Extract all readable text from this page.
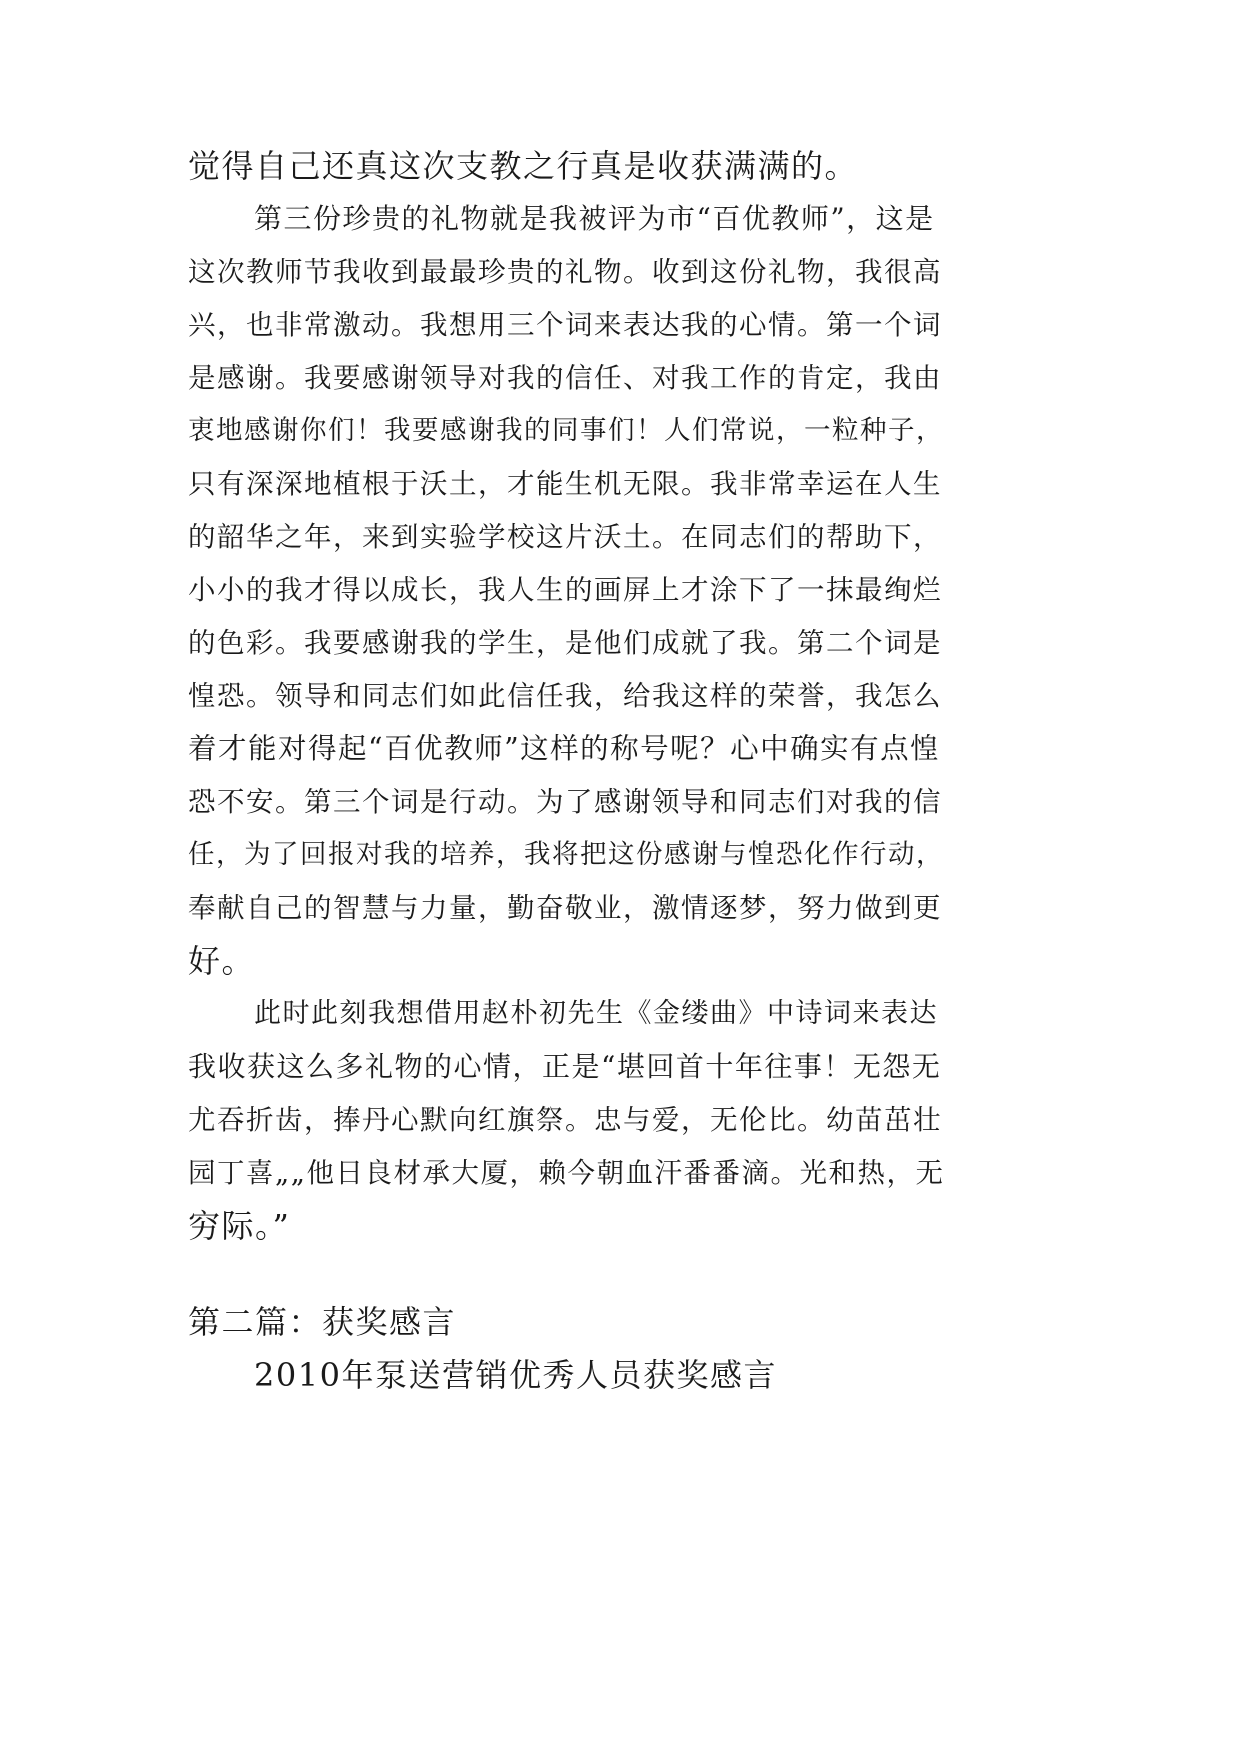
觉得自己还真这次支教之行真是收获满满的。

第三份珍贵的礼物就是我被评为市“百优教师”，这是

这次教师节我收到最最珍贵的礼物。收到这份礼物，我很高

兴，也非常激动。我想用三个词来表达我的心情。第一个词

是感谢。我要感谢领导对我的信任、对我工作的肯定，我由

衷地感谢你们！我要感谢我的同事们！人们常说，一粒种子，

只有深深地植根于沃土，才能生机无限。我非常幸运在人生

的韶华之年，来到实验学校这片沃土。在同志们的帮助下，

小小的我才得以成长，我人生的画屏上才涂下了一抹最绚烂

的色彩。我要感谢我的学生，是他们成就了我。第二个词是

惶恐。领导和同志们如此信任我，给我这样的荣誉，我怎么

着才能对得起“百优教师”这样的称号呢？心中确实有点惶

恐不安。第三个词是行动。为了感谢领导和同志们对我的信

任，为了回报对我的培养，我将把这份感谢与惶恐化作行动，

奉献自己的智慧与力量，勤奋敬业，激情逐梦，努力做到更

好。

此时此刻我想借用赵朴初先生《金缕曲》中诗词来表达

我收获这么多礼物的心情，正是“堪回首十年往事！无怨无

尤吞折齿，捧丹心默向红旗祭。忠与爱，无伦比。幼苗茁壮

园丁喜„„他日良材承大厦，赖今朝血汗番番滴。光和热，无

穷际。”

第二篇：获奖感言

2010年泵送营销优秀人员获奖感言
